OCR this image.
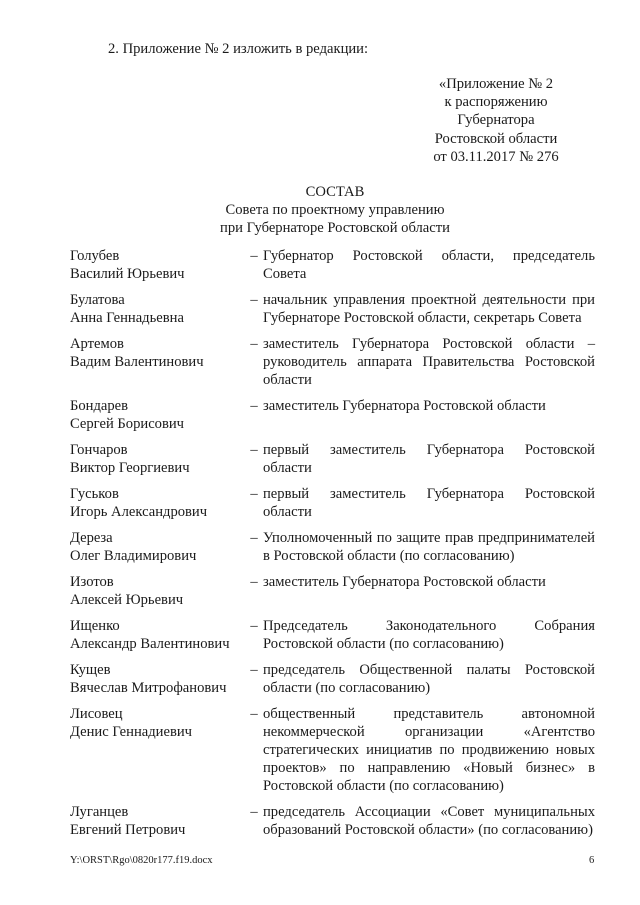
2. Приложение № 2 изложить в редакции:
«Приложение № 2
к распоряжению
Губернатора
Ростовской области
от 03.11.2017 № 276
СОСТАВ
Совета по проектному управлению
при Губернаторе Ростовской области
Голубев
Василий Юрьевич
– Губернатор Ростовской области, председатель Совета
Булатова
Анна Геннадьевна
– начальник управления проектной деятельности при Губернаторе Ростовской области, секретарь Совета
Артемов
Вадим Валентинович
– заместитель Губернатора Ростовской области – руководитель аппарата Правительства Ростовской области
Бондарев
Сергей Борисович
– заместитель Губернатора Ростовской области
Гончаров
Виктор Георгиевич
– первый заместитель Губернатора Ростовской области
Гуськов
Игорь Александрович
– первый заместитель Губернатора Ростовской области
Дерeза
Олег Владимирович
– Уполномоченный по защите прав предпринимателей в Ростовской области (по согласованию)
Изотов
Алексей Юрьевич
– заместитель Губернатора Ростовской области
Ищенко
Александр Валентинович
– Председатель Законодательного Собрания Ростовской области (по согласованию)
Кущев
Вячеслав Митрофанович
– председатель Общественной палаты Ростовской области (по согласованию)
Лисовец
Денис Геннадиевич
– общественный представитель автономной некоммерческой организации «Агентство стратегических инициатив по продвижению новых проектов» по направлению «Новый бизнес» в Ростовской области (по согласованию)
Луганцев
Евгений Петрович
– председатель Ассоциации «Совет муниципальных образований Ростовской области» (по согласованию)
Y:\ORST\Rgo\0820r177.f19.docx	6
